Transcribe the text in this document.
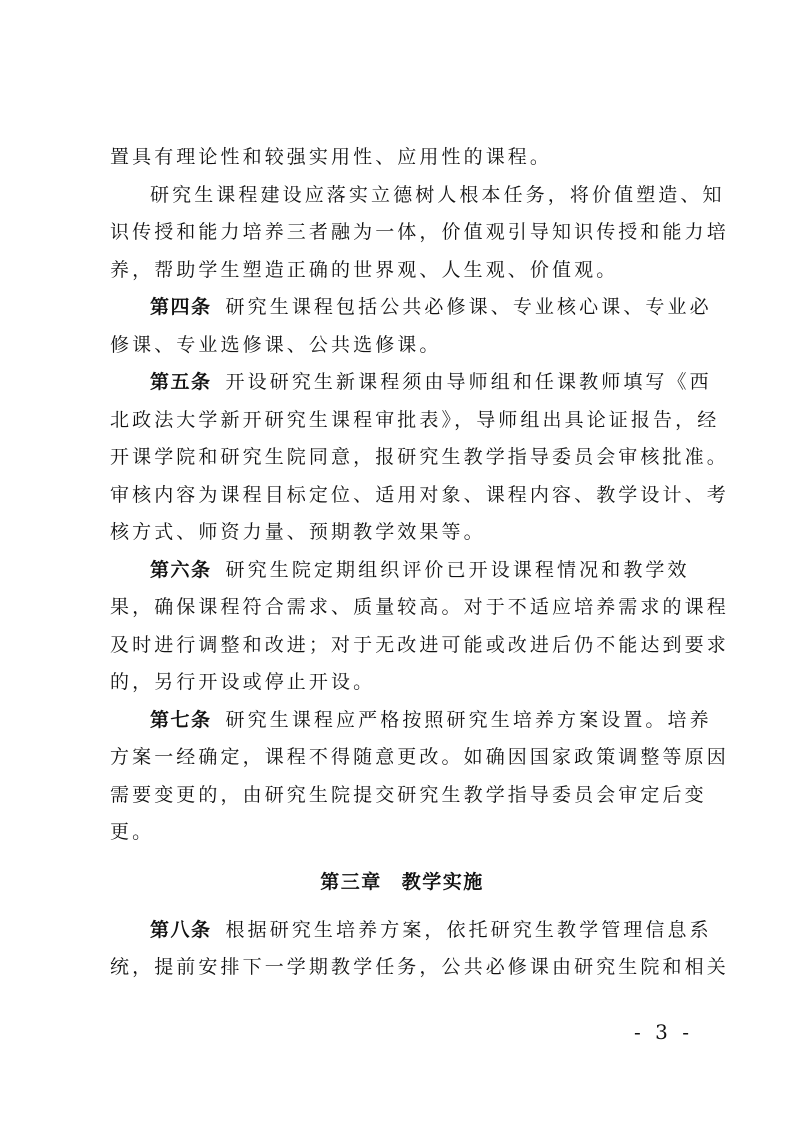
置具有理论性和较强实用性、应用性的课程。
研究生课程建设应落实立德树人根本任务，将价值塑造、知
识传授和能力培养三者融为一体，价值观引导知识传授和能力培
养，帮助学生塑造正确的世界观、人生观、价值观。
第四条 研究生课程包括公共必修课、专业核心课、专业必
修课、专业选修课、公共选修课。
第五条 开设研究生新课程须由导师组和任课教师填写《西
北政法大学新开研究生课程审批表》，导师组出具论证报告，经
开课学院和研究生院同意，报研究生教学指导委员会审核批准。
审核内容为课程目标定位、适用对象、课程内容、教学设计、考
核方式、师资力量、预期教学效果等。
第六条 研究生院定期组织评价已开设课程情况和教学效
果，确保课程符合需求、质量较高。对于不适应培养需求的课程
及时进行调整和改进；对于无改进可能或改进后仍不能达到要求
的，另行开设或停止开设。
第七条 研究生课程应严格按照研究生培养方案设置。培养
方案一经确定，课程不得随意更改。如确因国家政策调整等原因
需要变更的，由研究生院提交研究生教学指导委员会审定后变
更。
第三章 教学实施
第八条 根据研究生培养方案，依托研究生教学管理信息系
统，提前安排下一学期教学任务，公共必修课由研究生院和相关
- 3 -
